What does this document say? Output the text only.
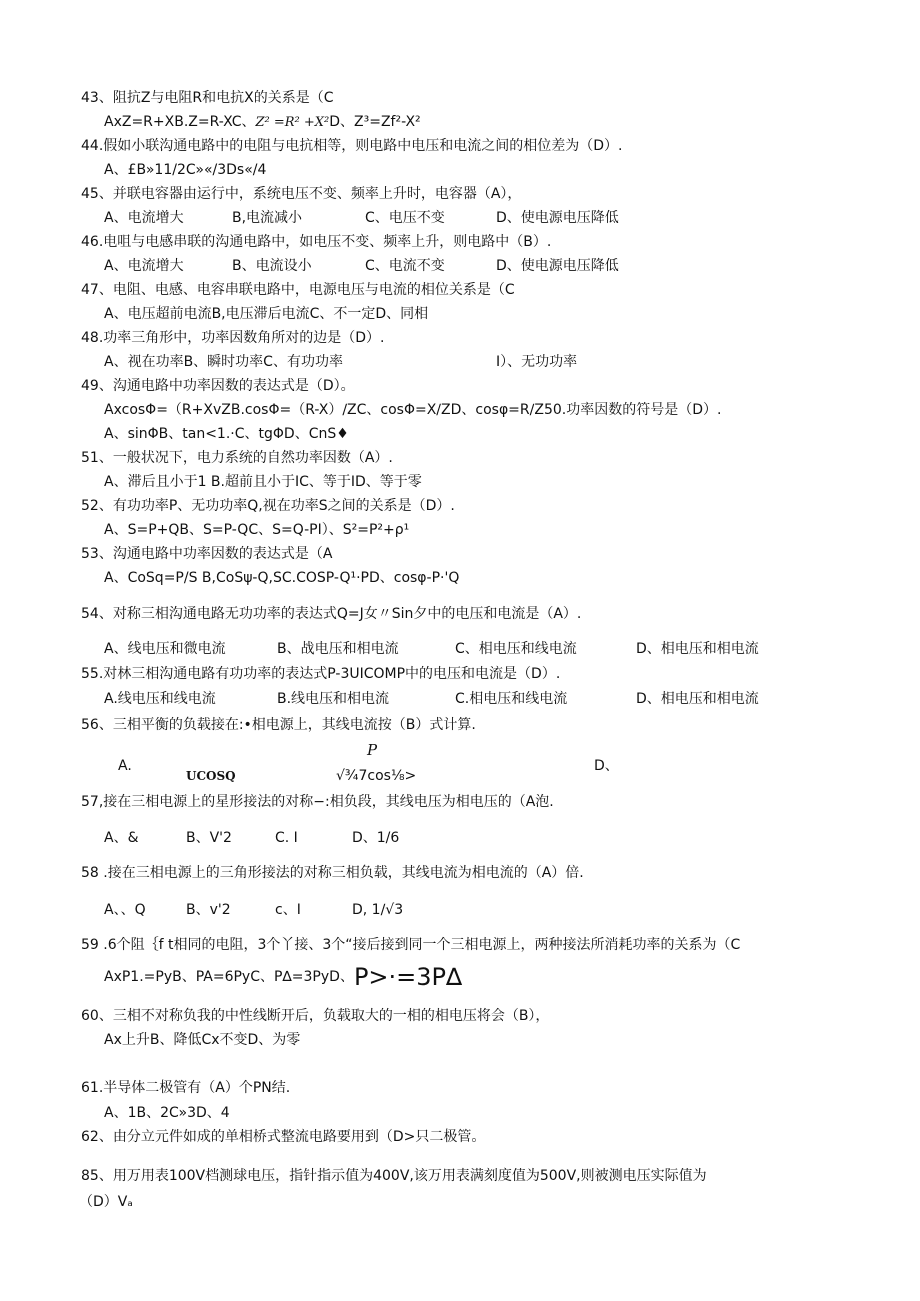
43、阻抗Z与电阻R和电抗X的关系是（C
AxZ=R+XB.Z=R-XC、Z² =R² +X²D、Z³=Zf²-X²
44.假如小联沟通电路中的电阻与电抗相等，则电路中电压和电流之间的相位差为（D）.
A、£B»11/2C»«/3Ds«/4
45、并联电容器由运行中，系统电压不变、频率上升时，电容器（A），
A、电流增大	B,电流减小	C、电压不变	D、使电源电压降低
46.电咀与电感串联的沟通电路中，如电压不变、频率上升，则电路中（B）.
A、电流增大	B、电流设小	C、电流不变	D、使电源电压降低
47、电阻、电感、电容串联电路中，电源电压与电流的相位关系是（C
A、电压超前电流B,电压滞后电流C、不一定D、同相
48.功率三角形中，功率因数角所对的边是（D）.
A、视在功率B、瞬时功率C、有功功率	I）、无功功率
49、沟通电路中功率因数的表达式是（D）。
AxcosΦ=（R+XvZB.cosΦ=（R-X）∕ZC、cosΦ=X∕ZD、cosφ=R∕Z50.功率因数的符号是（D）.
A、sinΦB、tan<1.·C、tgΦD、CnS♦
51、一般状况下，电力系统的自然功率因数（A）.
A、滞后且小于1 B.超前且小于IC、等于ID、等于零
52、有功功率P、无功功率Q,视在功率S之间的关系是（D）.
A、S=P+QB、S=P-QC、S=Q-PI）、S²=P²+ρ¹
53、沟通电路中功率因数的表达式是（A
A、CoSq=P/S B,CoSψ-Q,SC.COSP-Q¹·PD、cosφ-P·'Q
54、对称三相沟通电路无功功率的表达式Q=J女〃Sin夕中的电压和电流是（A）.
A、线电压和微电流	B、战电压和相电流	C、相电压和线电流	D、相电压和相电流
55.对林三相沟通电路有功功率的表达式P-3UICOMP中的电压和电流是（D）.
A.线电压和线电流	B.线电压和相电流	C.相电压和线电流	D、相电压和相电流
56、三相平衡的负载接在:•相电源上，其线电流按（B）式计算.
P
A.
UCOSQ	√¾7cos⅛>
D、
57,接在三相电源上的星形接法的对称−:相负段，其线电压为相电压的（A泡.
A、&	B、V'2	C. I	D、1/6
58 .接在三相电源上的三角形接法的对称三相负载，其线电流为相电流的（A）倍.
A、、Q	B、v'2	c、I	D, 1∕√3
59 .6个阻｛f t相同的电阻，3个丫接、3个“接后接到同一个三相电源上，两种接法所消耗功率的关系为（C
AxP1.=PyB、PA=6PyC、P∆=3PyD、P>·=3P∆
60、三相不对称负我的中性线断开后，负载取大的一相的相电压将会（B），
Ax上升B、降低Cx不变D、为零
61.半导体二极管有（A）个PN结.
A、1B、2C»3D、4
62、由分立元件如成的单相桥式整流电路要用到（D>只二极管。
85、用万用表100V档测球电压，指针指示值为400V,该万用表满刻度值为500V,则被测电压实际值为
（D）Vₐ
